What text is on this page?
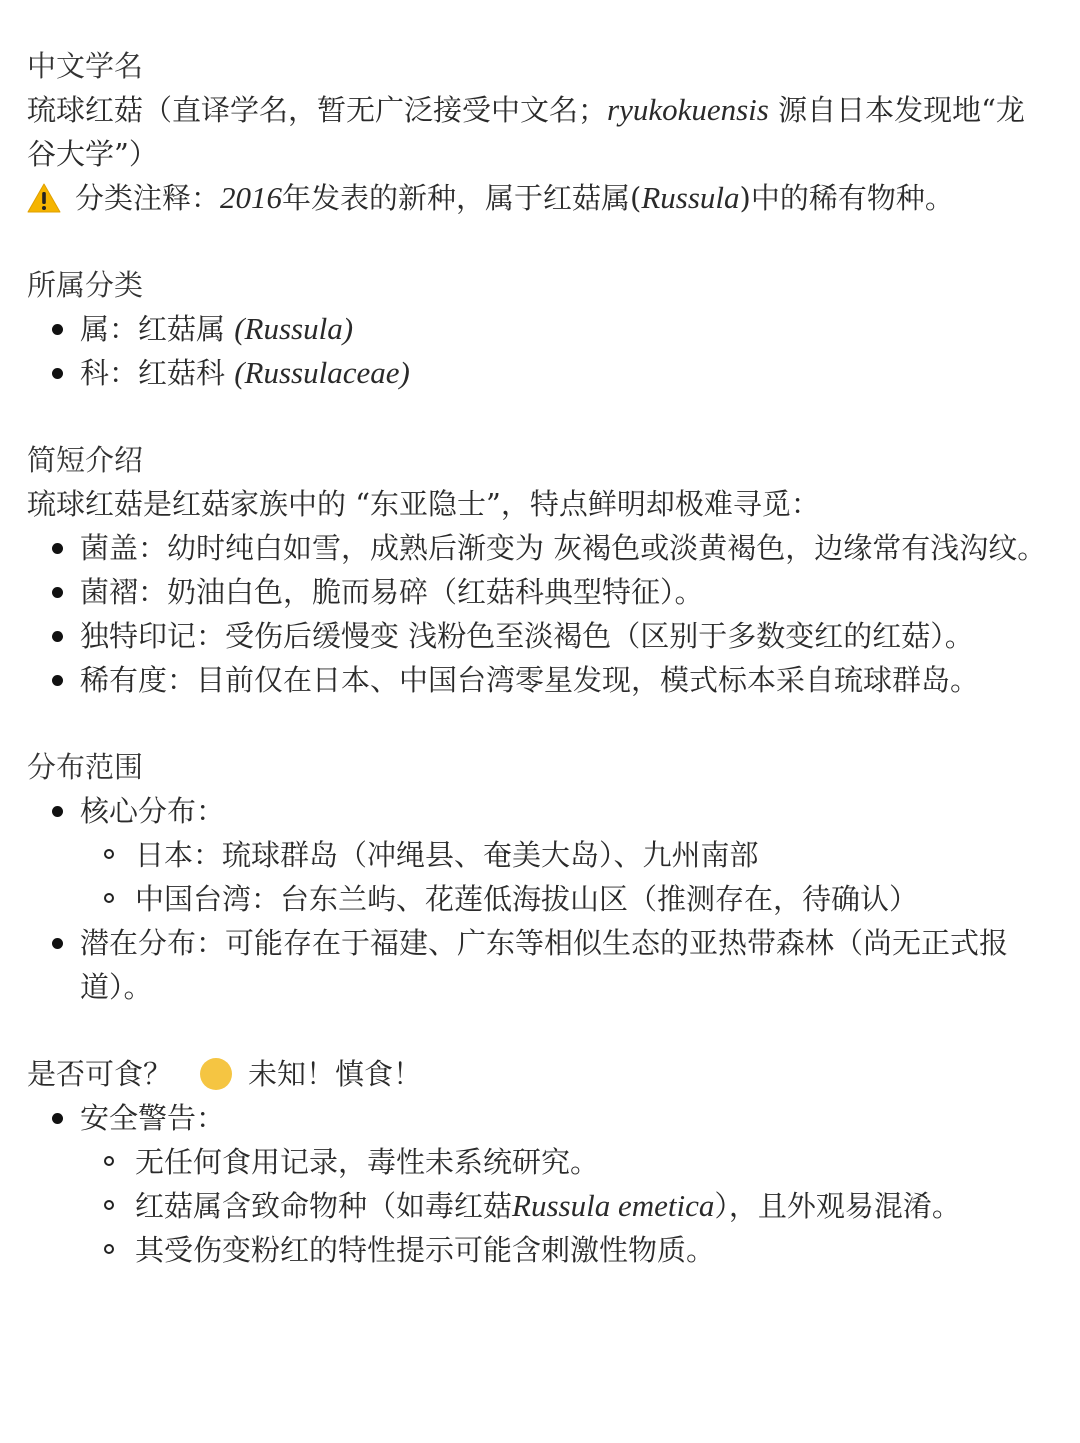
中文学名
琉球红菇（直译学名，暂无广泛接受中文名；ryukokuensis 源自日本发现地“龙谷大学”）
分类注释：2016年发表的新种，属于红菇属(Russula)中的稀有物种。
所属分类
属：红菇属 (Russula)
科：红菇科 (Russulaceae)
简短介绍
琉球红菇是红菇家族中的 “东亚隐士”，特点鲜明却极难寻觅：
菌盖：幼时纯白如雪，成熟后渐变为 灰褐色或淡黄褐色，边缘常有浅沟纹。
菌褶：奶油白色，脆而易碎（红菇科典型特征）。
独特印记：受伤后缓慢变 浅粉色至淡褐色（区别于多数变红的红菇）。
稀有度：目前仅在日本、中国台湾零星发现，模式标本采自琉球群岛。
分布范围
核心分布：
日本：琉球群岛（冲绳县、奄美大岛）、九州南部
中国台湾：台东兰屿、花莲低海拔山区（推测存在，待确认）
潜在分布：可能存在于福建、广东等相似生态的亚热带森林（尚无正式报道）。
是否可食？	未知！慎食！
安全警告：
无任何食用记录，毒性未系统研究。
红菇属含致命物种（如毒红菇Russula emetica），且外观易混淆。
其受伤变粉红的特性提示可能含刺激性物质。
